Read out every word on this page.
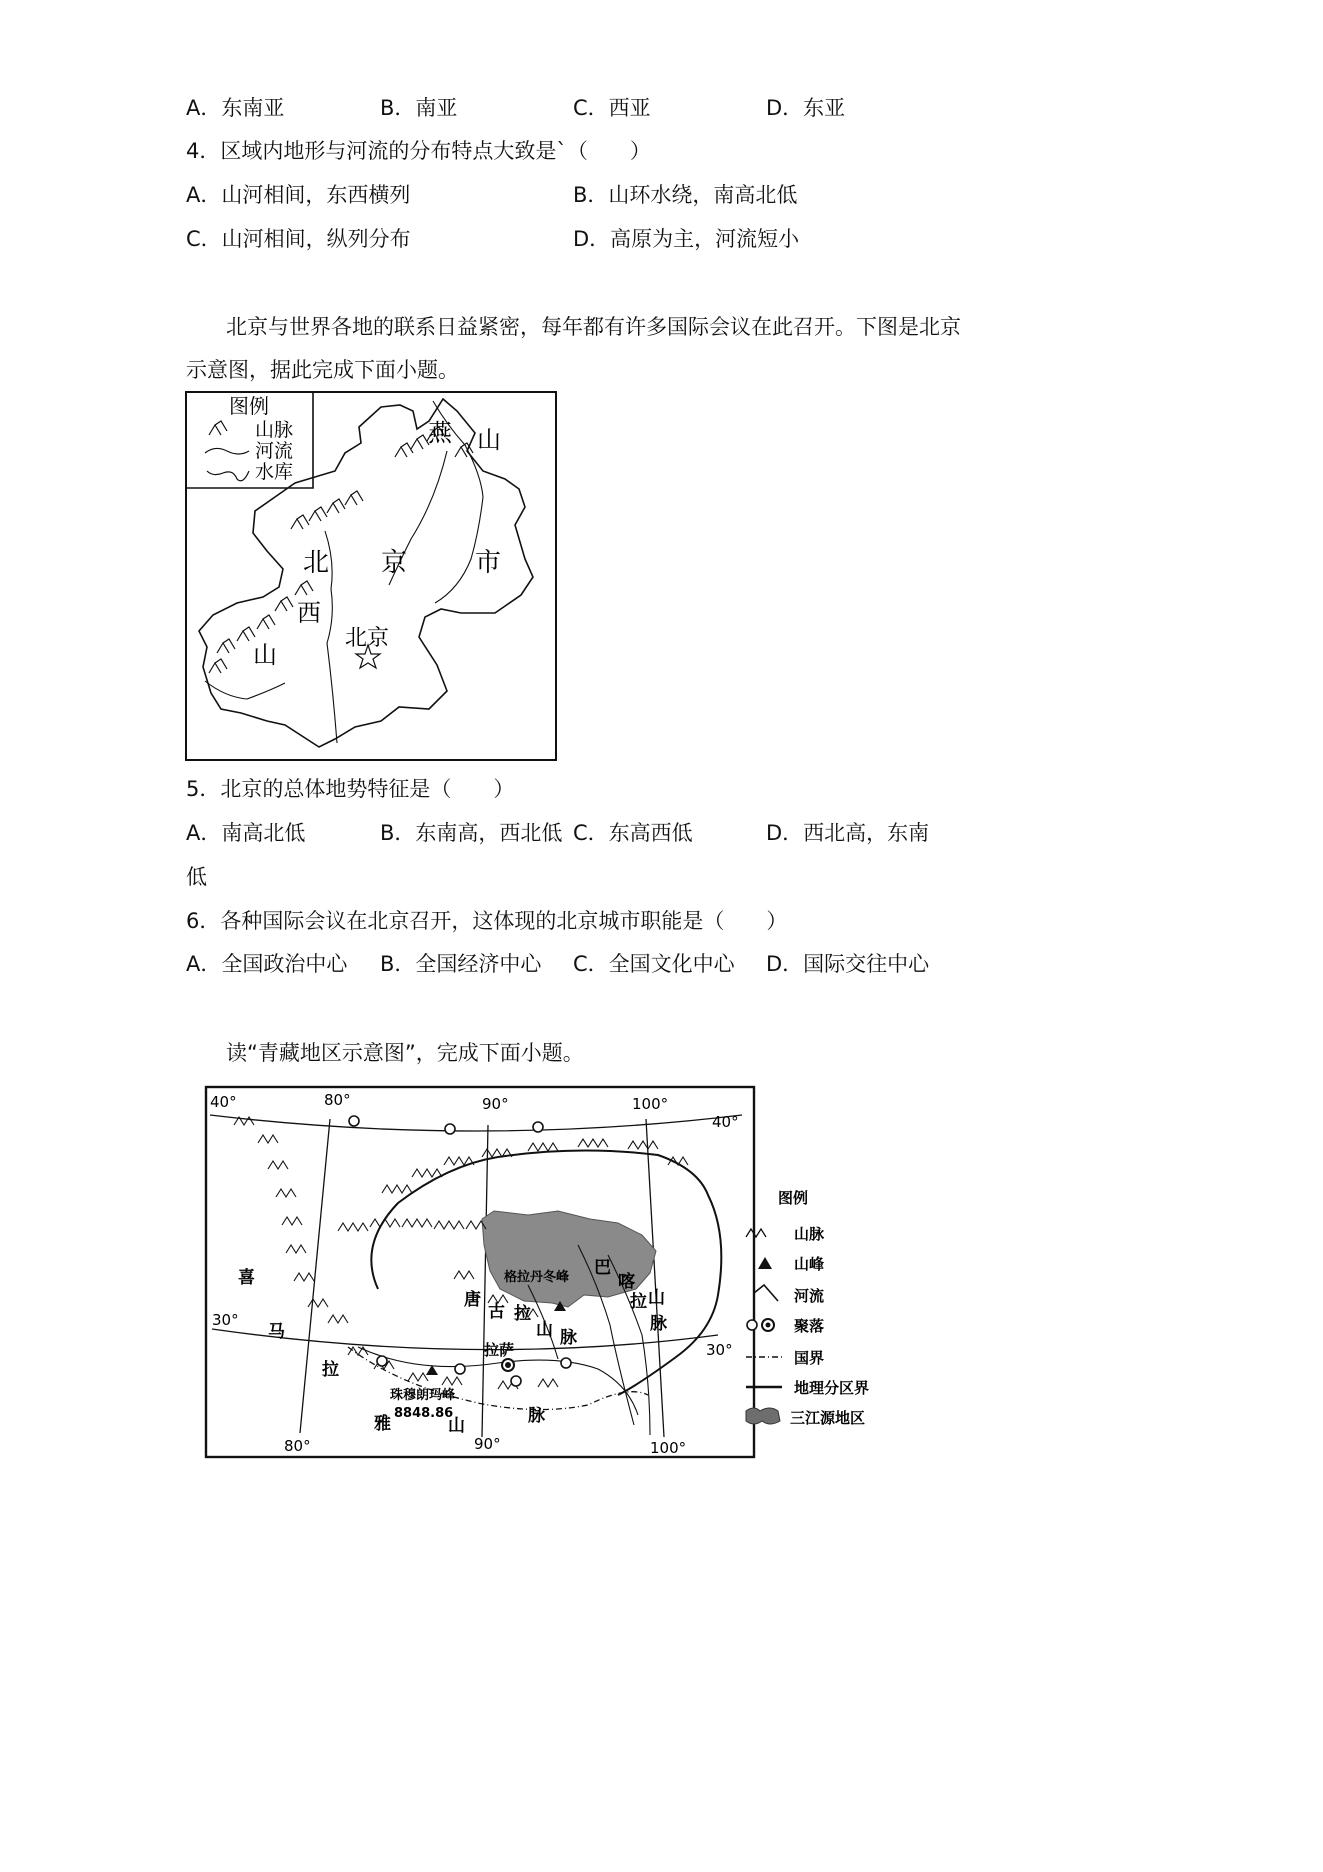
A．东南亚	B．南亚	C．西亚	D．东亚
4．区域内地形与河流的分布特点大致是`（　　）
A．山河相间，东西横列	B．山环水绕，南高北低
C．山河相间，纵列分布	D．高原为主，河流短小
北京与世界各地的联系日益紧密，每年都有许多国际会议在此召开。下图是北京
示意图，据此完成下面小题。
图例
山脉
河流
水库
燕 山
北 京	市
西
山
北京
5．北京的总体地势特征是（　　）
A．南高北低	B．东南高，西北低 C．东高西低	D．西北高，东南
低
6．各种国际会议在北京召开，这体现的北京城市职能是（　　）
A．全国政治中心 B．全国经济中心 C．全国文化中心 D．国际交往中心
读“青藏地区示意图”，完成下面小题。
40°
40°
30°
30°
80°	90°	100°
80°	90°	100°
喜
马
拉
雅	山	脉
唐
古 拉
山 脉
格拉丹冬峰 巴
喀
拉 山
脉
拉萨
珠穆朗玛峰
8848.86
图例
山脉
山峰
河流
聚落
国界
地理分区界
三江源地区
